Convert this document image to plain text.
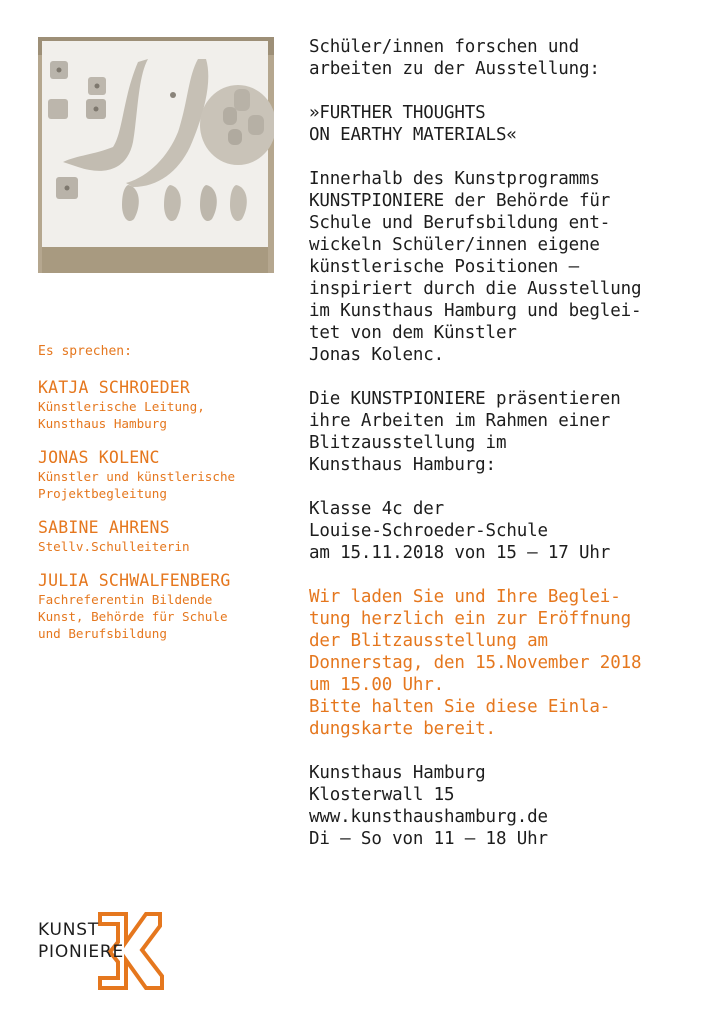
Es sprechen:
KATJA SCHROEDER
Künstlerische Leitung,
Kunsthaus Hamburg
JONAS KOLENC
Künstler und künstlerische
Projektbegleitung
SABINE AHRENS
Stellv.Schulleiterin
JULIA SCHWALFENBERG
Fachreferentin Bildende
Kunst, Behörde für Schule
und Berufsbildung

Schüler/innen forschen und
arbeiten zu der Ausstellung:

»FURTHER THOUGHTS
ON EARTHY MATERIALS«

Innerhalb des Kunstprogramms
KUNSTPIONIERE der Behörde für
Schule und Berufsbildung ent-
wickeln Schüler/innen eigene
künstlerische Positionen –
inspiriert durch die Ausstellung
im Kunsthaus Hamburg und beglei-
tet von dem Künstler
Jonas Kolenc.

Die KUNSTPIONIERE präsentieren
ihre Arbeiten im Rahmen einer
Blitzausstellung im
Kunsthaus Hamburg:

Klasse 4c der
Louise-Schroeder-Schule
am 15.11.2018 von 15 – 17 Uhr

Wir laden Sie und Ihre Beglei-
tung herzlich ein zur Eröffnung
der Blitzausstellung am
Donnerstag, den 15.November 2018
um 15.00 Uhr.
Bitte halten Sie diese Einla-
dungskarte bereit.

Kunsthaus Hamburg
Klosterwall 15
www.kunsthaushamburg.de
Di – So von 11 – 18 Uhr

KUNST
PIONIERE
